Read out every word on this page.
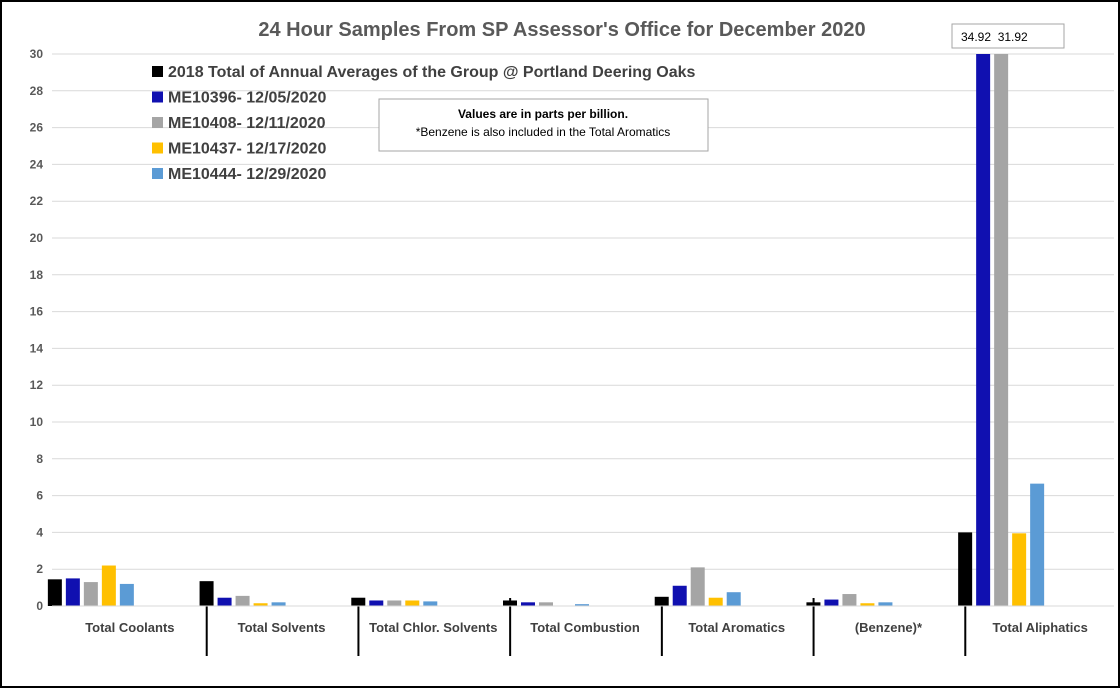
24 Hour Samples From SP Assessor's Office for December 2020
0
2
4
6
8
10
12
14
16
18
20
22
24
26
28
30
Total Coolants	Total Solvents	Total Chlor. Solvents	Total Combustion	Total Aromatics	(Benzene)*	Total Aliphatics
2018 Total of Annual Averages of the Group @ Portland Deering Oaks
ME10396- 12/05/2020
ME10408- 12/11/2020
ME10437- 12/17/2020
ME10444- 12/29/2020
34.92  31.92
Values are in parts per billion.
*Benzene is also included in the Total Aromatics
